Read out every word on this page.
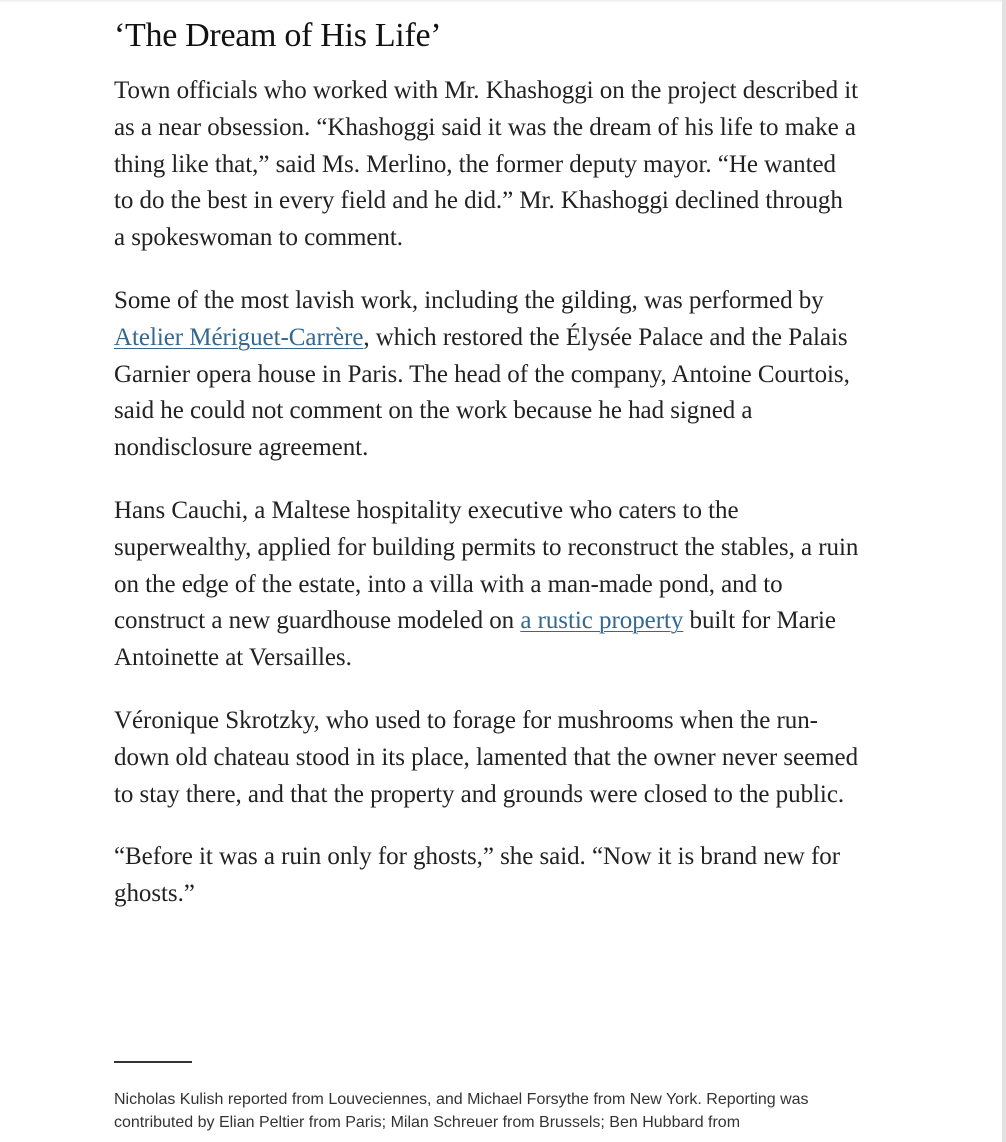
‘The Dream of His Life’

Town officials who worked with Mr. Khashoggi on the project described it as a near obsession. “Khashoggi said it was the dream of his life to make a thing like that,” said Ms. Merlino, the former deputy mayor. “He wanted to do the best in every field and he did.” Mr. Khashoggi declined through a spokeswoman to comment.

Some of the most lavish work, including the gilding, was performed by Atelier Mériguet-Carrère, which restored the Élysée Palace and the Palais Garnier opera house in Paris. The head of the company, Antoine Courtois, said he could not comment on the work because he had signed a nondisclosure agreement.

Hans Cauchi, a Maltese hospitality executive who caters to the superwealthy, applied for building permits to reconstruct the stables, a ruin on the edge of the estate, into a villa with a man-made pond, and to construct a new guardhouse modeled on a rustic property built for Marie Antoinette at Versailles.

Véronique Skrotzky, who used to forage for mushrooms when the run-down old chateau stood in its place, lamented that the owner never seemed to stay there, and that the property and grounds were closed to the public.

“Before it was a ruin only for ghosts,” she said. “Now it is brand new for ghosts.”

Nicholas Kulish reported from Louveciennes, and Michael Forsythe from New York. Reporting was contributed by Elian Peltier from Paris; Milan Schreuer from Brussels; Ben Hubbard from
